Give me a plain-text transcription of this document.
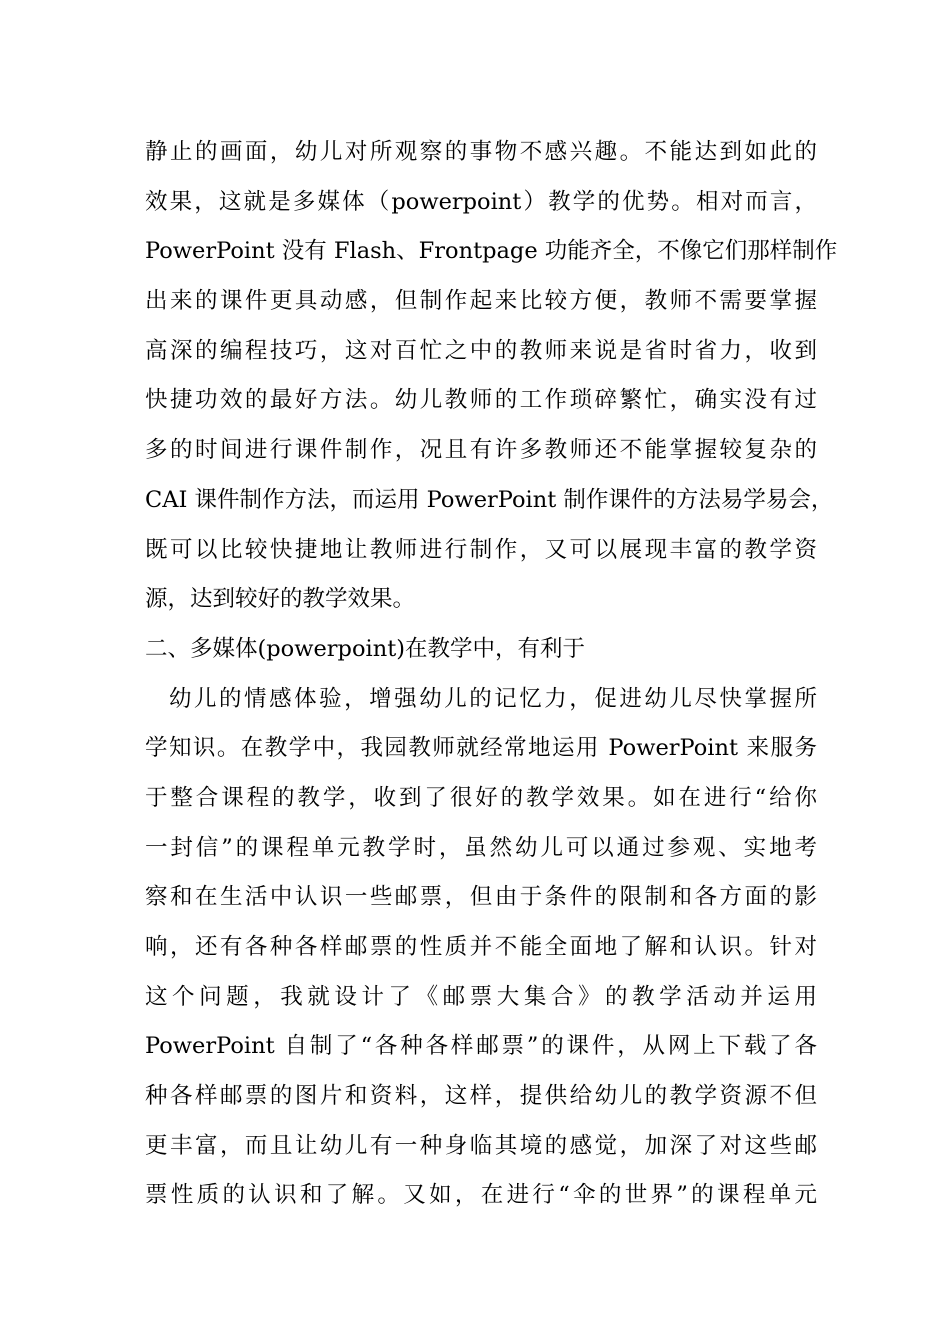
静止的画面，幼儿对所观察的事物不感兴趣。不能达到如此的
效果，这就是多媒体（powerpoint）教学的优势。相对而言，
PowerPoint 没有 Flash、Frontpage 功能齐全，不像它们那样制作
出来的课件更具动感，但制作起来比较方便，教师不需要掌握
高深的编程技巧，这对百忙之中的教师来说是省时省力，收到
快捷功效的最好方法。幼儿教师的工作琐碎繁忙，确实没有过
多的时间进行课件制作，况且有许多教师还不能掌握较复杂的
CAI 课件制作方法，而运用 PowerPoint 制作课件的方法易学易会，
既可以比较快捷地让教师进行制作，又可以展现丰富的教学资
源，达到较好的教学效果。
二、多媒体(powerpoint)在教学中，有利于
幼儿的情感体验，增强幼儿的记忆力，促进幼儿尽快掌握所
学知识。在教学中，我园教师就经常地运用 PowerPoint 来服务
于整合课程的教学，收到了很好的教学效果。如在进行“给你
一封信”的课程单元教学时，虽然幼儿可以通过参观、实地考
察和在生活中认识一些邮票，但由于条件的限制和各方面的影
响，还有各种各样邮票的性质并不能全面地了解和认识。针对
这个问题，我就设计了《邮票大集合》的教学活动并运用
PowerPoint 自制了“各种各样邮票”的课件，从网上下载了各
种各样邮票的图片和资料，这样，提供给幼儿的教学资源不但
更丰富，而且让幼儿有一种身临其境的感觉，加深了对这些邮
票性质的认识和了解。又如，在进行“伞的世界”的课程单元
